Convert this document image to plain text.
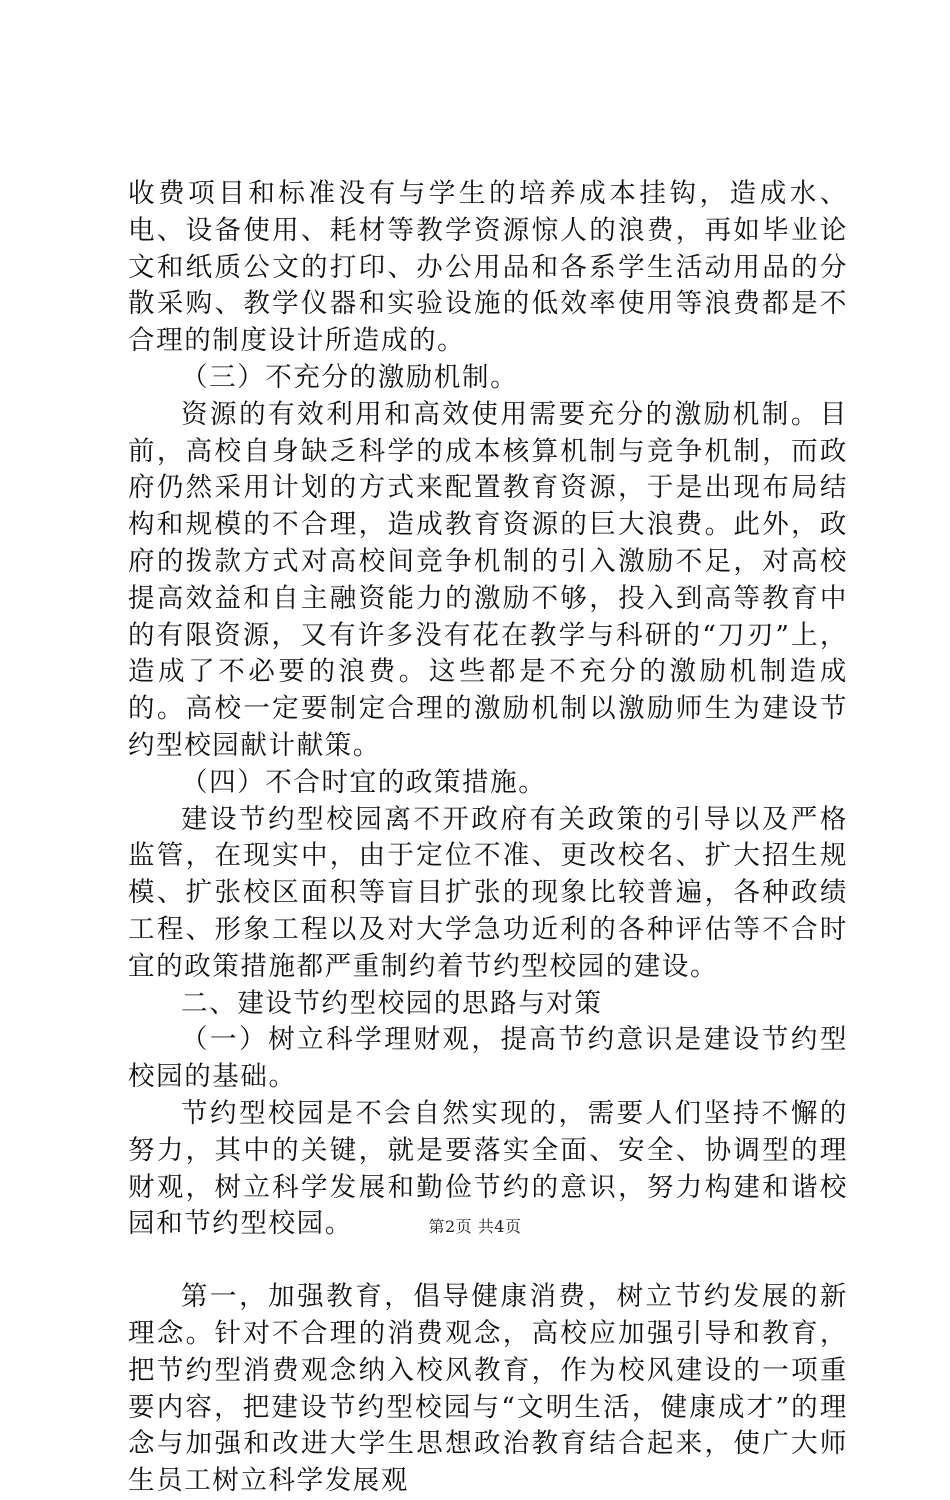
收费项目和标准没有与学生的培养成本挂钩，造成水、电、设备使用、耗材等教学资源惊人的浪费，再如毕业论文和纸质公文的打印、办公用品和各系学生活动用品的分散采购、教学仪器和实验设施的低效率使用等浪费都是不合理的制度设计所造成的。

（三）不充分的激励机制。

资源的有效利用和高效使用需要充分的激励机制。目前，高校自身缺乏科学的成本核算机制与竞争机制，而政府仍然采用计划的方式来配置教育资源，于是出现布局结构和规模的不合理，造成教育资源的巨大浪费。此外，政府的拨款方式对高校间竞争机制的引入激励不足，对高校提高效益和自主融资能力的激励不够，投入到高等教育中的有限资源，又有许多没有花在教学与科研的“刀刃”上，造成了不必要的浪费。这些都是不充分的激励机制造成的。高校一定要制定合理的激励机制以激励师生为建设节约型校园献计献策。

（四）不合时宜的政策措施。

建设节约型校园离不开政府有关政策的引导以及严格监管，在现实中，由于定位不准、更改校名、扩大招生规模、扩张校区面积等盲目扩张的现象比较普遍，各种政绩工程、形象工程以及对大学急功近利的各种评估等不合时宜的政策措施都严重制约着节约型校园的建设。

二、建设节约型校园的思路与对策

（一）树立科学理财观，提高节约意识是建设节约型校园的基础。

节约型校园是不会自然实现的，需要人们坚持不懈的努力，其中的关键，就是要落实全面、安全、协调型的理财观，树立科学发展和勤俭节约的意识，努力构建和谐校园和节约型校园。

第一，加强教育，倡导健康消费，树立节约发展的新理念。针对不合理的消费观念，高校应加强引导和教育，把节约型消费观念纳入校风教育，作为校风建设的一项重要内容，把建设节约型校园与“文明生活，健康成才”的理念与加强和改进大学生思想政治教育结合起来，使广大师生员工树立科学发展观

第2页 共4页
